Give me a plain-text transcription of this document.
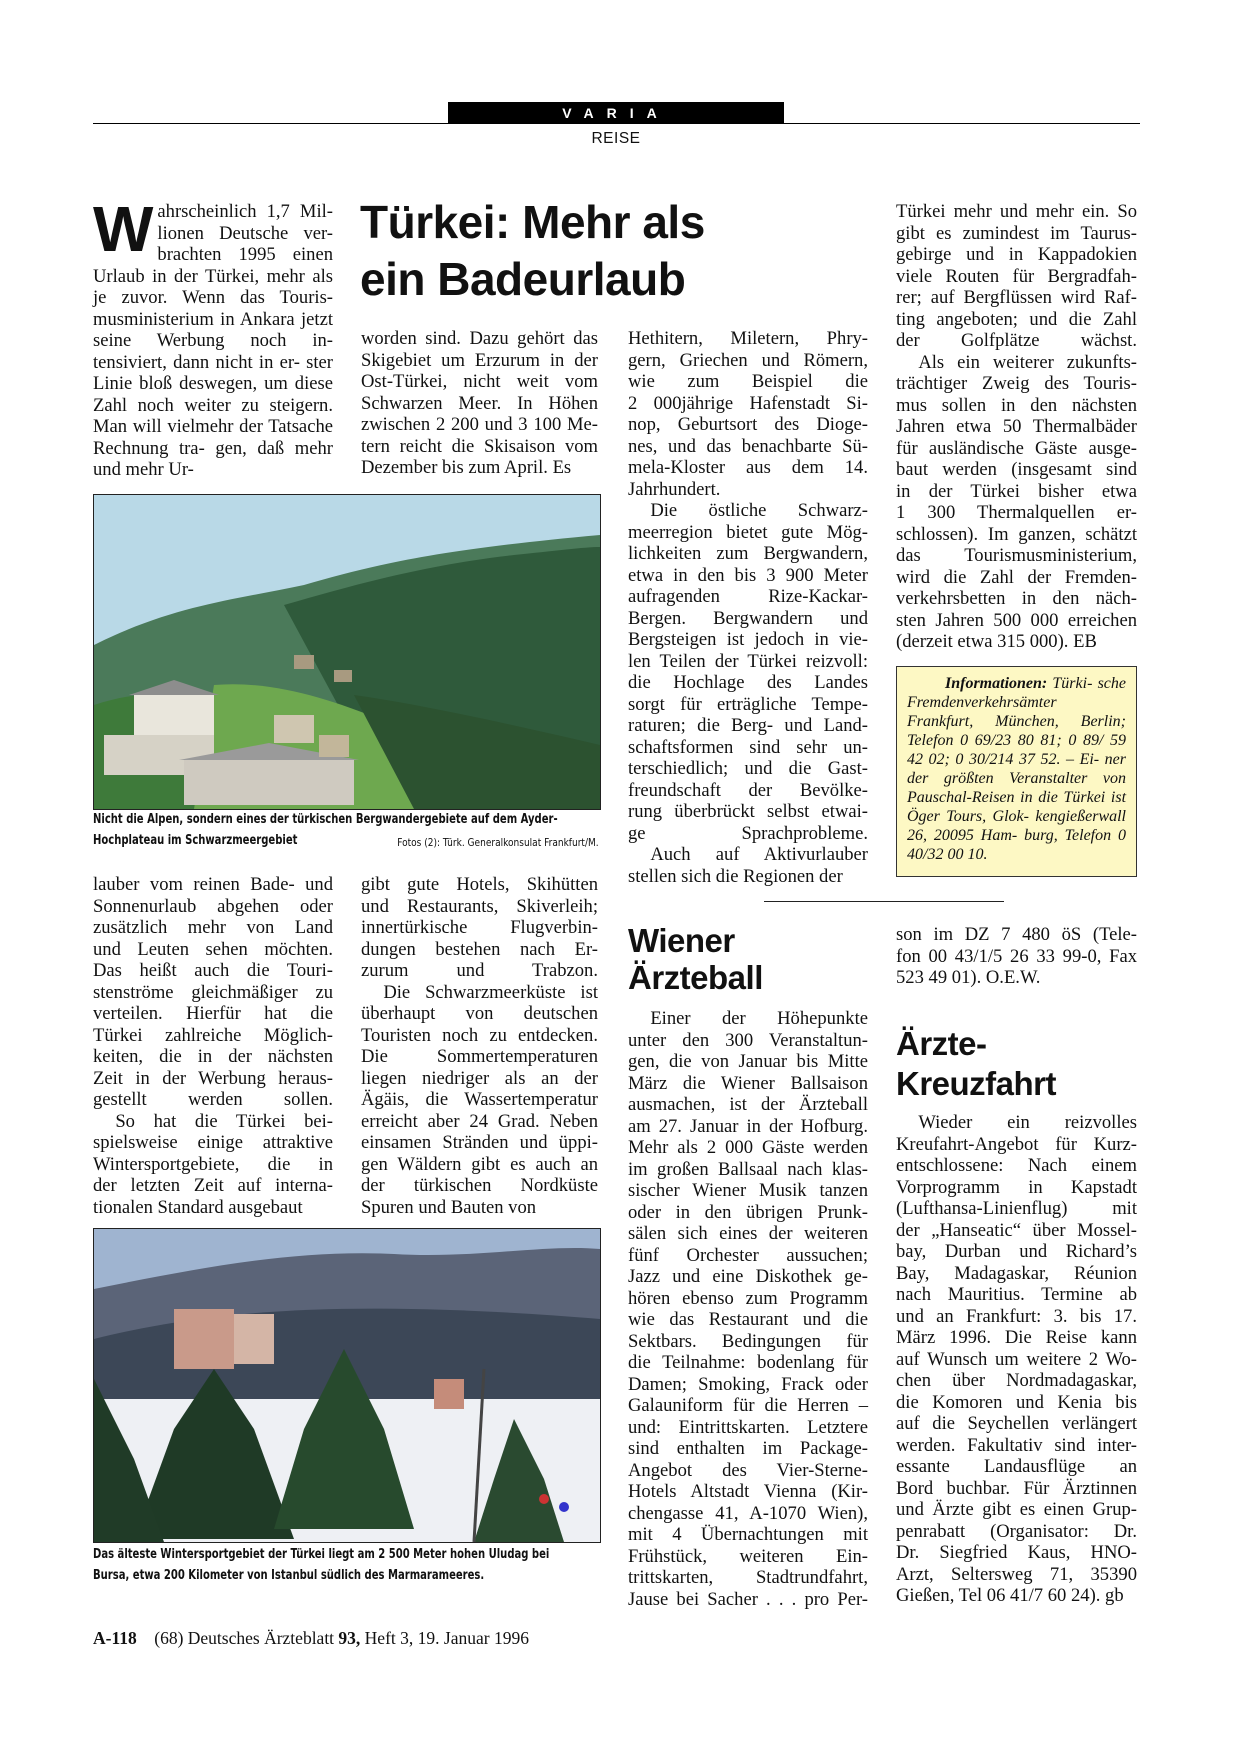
VARIA
REISE
Türkei: Mehr als
ein Badeurlaub
W ahrscheinlich 1,7 Mil- lionen Deutsche ver- brachten 1995 einen Urlaub in der Türkei, mehr als je zuvor. Wenn das Touris- musministerium in Ankara jetzt seine Werbung noch in- tensiviert, dann nicht in er- ster Linie bloß deswegen, um diese Zahl noch weiter zu steigern. Man will vielmehr der Tatsache Rechnung tra- gen, daß mehr und mehr Ur-
worden sind. Dazu gehört das
Skigebiet um Erzurum in der
Ost-Türkei, nicht weit vom
Schwarzen Meer. In Höhen
zwischen 2 200 und 3 100 Me-
tern reicht die Skisaison vom
Dezember bis zum April. Es
Nicht die Alpen, sondern eines der türkischen Bergwandergebiete auf dem Ayder-
Hochplateau im Schwarzmeergebiet	Fotos (2): Türk. Generalkonsulat Frankfurt/M.
lauber vom reinen Bade- und
Sonnenurlaub abgehen oder
zusätzlich mehr von Land
und Leuten sehen möchten.
Das heißt auch die Touri-
stenströme gleichmäßiger zu
verteilen. Hierfür hat die
Türkei zahlreiche Möglich-
keiten, die in der nächsten
Zeit in der Werbung heraus-
gestellt werden sollen.
So hat die Türkei bei-
spielsweise einige attraktive
Wintersportgebiete, die in
der letzten Zeit auf interna-
tionalen Standard ausgebaut
gibt gute Hotels, Skihütten
und Restaurants, Skiverleih;
innertürkische Flugverbin-
dungen bestehen nach Er-
zurum und Trabzon.
Die Schwarzmeerküste ist
überhaupt von deutschen
Touristen noch zu entdecken.
Die Sommertemperaturen
liegen niedriger als an der
Ägäis, die Wassertemperatur
erreicht aber 24 Grad. Neben
einsamen Stränden und üppi-
gen Wäldern gibt es auch an
der türkischen Nordküste
Spuren und Bauten von
Das älteste Wintersportgebiet der Türkei liegt am 2 500 Meter hohen Uludag bei
Bursa, etwa 200 Kilometer von Istanbul südlich des Marmarameeres.
Hethitern, Miletern, Phry-
gern, Griechen und Römern,
wie zum Beispiel die
2 000jährige Hafenstadt Si-
nop, Geburtsort des Dioge-
nes, und das benachbarte Sü-
mela-Kloster aus dem 14.
Jahrhundert.
Die östliche Schwarz-
meerregion bietet gute Mög-
lichkeiten zum Bergwandern,
etwa in den bis 3 900 Meter
aufragenden Rize-Kackar-
Bergen. Bergwandern und
Bergsteigen ist jedoch in vie-
len Teilen der Türkei reizvoll:
die Hochlage des Landes
sorgt für erträgliche Tempe-
raturen; die Berg- und Land-
schaftsformen sind sehr un-
terschiedlich; und die Gast-
freundschaft der Bevölke-
rung überbrückt selbst etwai-
ge Sprachprobleme.
Auch auf Aktivurlauber
stellen sich die Regionen der
Türkei mehr und mehr ein. So
gibt es zumindest im Taurus-
gebirge und in Kappadokien
viele Routen für Bergradfah-
rer; auf Bergflüssen wird Raf-
ting angeboten; und die Zahl
der Golfplätze wächst.
Als ein weiterer zukunfts-
trächtiger Zweig des Touris-
mus sollen in den nächsten
Jahren etwa 50 Thermalbäder
für ausländische Gäste ausge-
baut werden (insgesamt sind
in der Türkei bisher etwa
1 300 Thermalquellen er-
schlossen). Im ganzen, schätzt
das Tourismusministerium,
wird die Zahl der Fremden-
verkehrsbetten in den näch-
sten Jahren 500 000 erreichen
(derzeit etwa 315 000). EB
Informationen: Türki- sche Fremdenverkehrsämter Frankfurt, München, Berlin; Telefon 0 69/23 80 81; 0 89/ 59 42 02; 0 30/214 37 52. – Ei- ner der größten Veranstalter von Pauschal-Reisen in die Türkei ist Öger Tours, Glok- kengießerwall 26, 20095 Ham- burg, Telefon 0 40/32 00 10.
Wiener
Ärzteball
Einer der Höhepunkte
unter den 300 Veranstaltun-
gen, die von Januar bis Mitte
März die Wiener Ballsaison
ausmachen, ist der Ärzteball
am 27. Januar in der Hofburg.
Mehr als 2 000 Gäste werden
im großen Ballsaal nach klas-
sischer Wiener Musik tanzen
oder in den übrigen Prunk-
sälen sich eines der weiteren
fünf Orchester aussuchen;
Jazz und eine Diskothek ge-
hören ebenso zum Programm
wie das Restaurant und die
Sektbars. Bedingungen für
die Teilnahme: bodenlang für
Damen; Smoking, Frack oder
Galauniform für die Herren –
und: Eintrittskarten. Letztere
sind enthalten im Package-
Angebot des Vier-Sterne-
Hotels Altstadt Vienna (Kir-
chengasse 41, A-1070 Wien),
mit 4 Übernachtungen mit
Frühstück, weiteren Ein-
trittskarten, Stadtrundfahrt,
Jause bei Sacher . . . pro Per-
son im DZ 7 480 öS (Tele-
fon 00 43/1/5 26 33 99-0, Fax
523 49 01). O.E.W.
Ärzte-
Kreuzfahrt
Wieder ein reizvolles
Kreufahrt-Angebot für Kurz-
entschlossene: Nach einem
Vorprogramm in Kapstadt
(Lufthansa-Linienflug) mit
der „Hanseatic“ über Mossel-
bay, Durban und Richard’s
Bay, Madagaskar, Réunion
nach Mauritius. Termine ab
und an Frankfurt: 3. bis 17.
März 1996. Die Reise kann
auf Wunsch um weitere 2 Wo-
chen über Nordmadagaskar,
die Komoren und Kenia bis
auf die Seychellen verlängert
werden. Fakultativ sind inter-
essante Landausflüge an
Bord buchbar. Für Ärztinnen
und Ärzte gibt es einen Grup-
penrabatt (Organisator: Dr.
Dr. Siegfried Kaus, HNO-
Arzt, Seltersweg 71, 35390
Gießen, Tel 06 41/7 60 24). gb
A-118 (68) Deutsches Ärzteblatt 93, Heft 3, 19. Januar 1996
